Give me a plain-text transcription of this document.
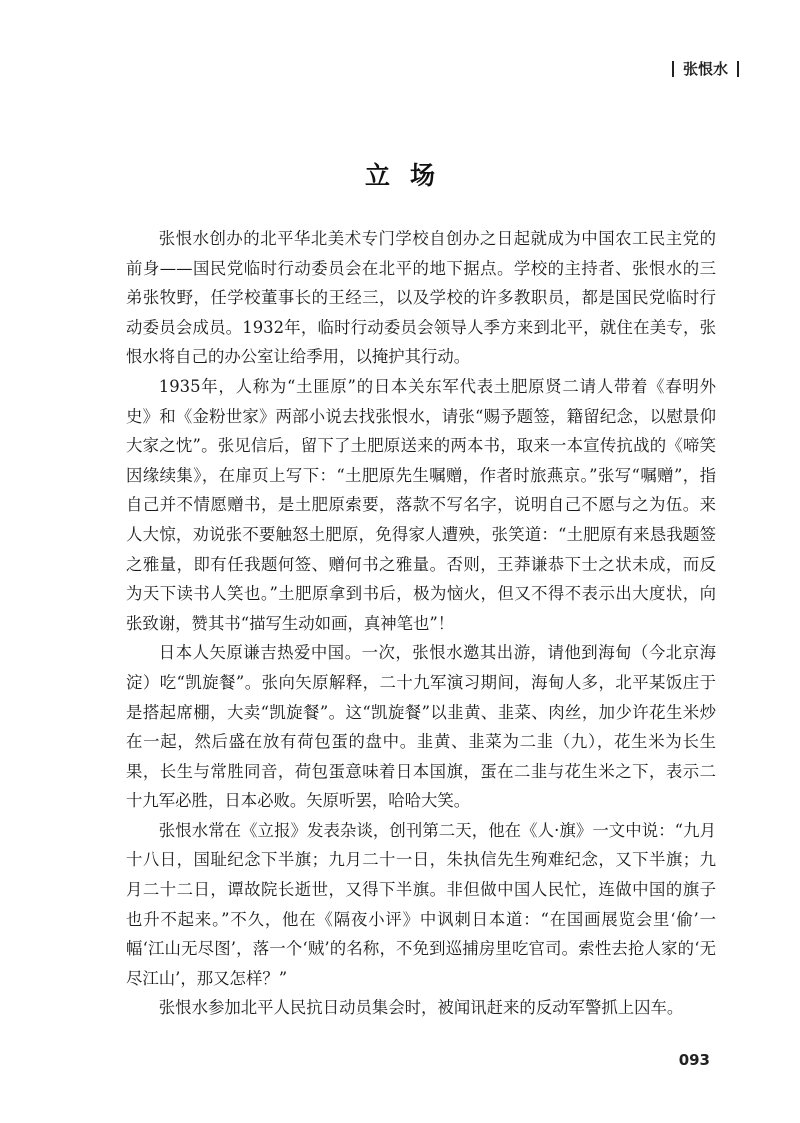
张恨水
立场

张恨水创办的北平华北美术专门学校自创办之日起就成为中国农工民主党的前身——国民党临时行动委员会在北平的地下据点。学校的主持者、张恨水的三弟张牧野，任学校董事长的王经三，以及学校的许多教职员，都是国民党临时行动委员会成员。1932年，临时行动委员会领导人季方来到北平，就住在美专，张恨水将自己的办公室让给季用，以掩护其行动。

1935年，人称为“土匪原”的日本关东军代表土肥原贤二请人带着《春明外史》和《金粉世家》两部小说去找张恨水，请张“赐予题签，籍留纪念，以慰景仰大家之忱”。张见信后，留下了土肥原送来的两本书，取来一本宣传抗战的《啼笑因缘续集》，在扉页上写下：“土肥原先生嘱赠，作者时旅燕京。”张写“嘱赠”，指自己并不情愿赠书，是土肥原索要，落款不写名字，说明自己不愿与之为伍。来人大惊，劝说张不要触怒土肥原，免得家人遭殃，张笑道：“土肥原有来恳我题签之雅量，即有任我题何签、赠何书之雅量。否则，王莽谦恭下士之状未成，而反为天下读书人笑也。”土肥原拿到书后，极为恼火，但又不得不表示出大度状，向张致谢，赞其书“描写生动如画，真神笔也”！

日本人矢原谦吉热爱中国。一次，张恨水邀其出游，请他到海甸（今北京海淀）吃“凯旋餐”。张向矢原解释，二十九军演习期间，海甸人多，北平某饭庄于是搭起席棚，大卖“凯旋餐”。这“凯旋餐”以韭黄、韭菜、肉丝，加少许花生米炒在一起，然后盛在放有荷包蛋的盘中。韭黄、韭菜为二韭（九），花生米为长生果，长生与常胜同音，荷包蛋意味着日本国旗，蛋在二韭与花生米之下，表示二十九军必胜，日本必败。矢原听罢，哈哈大笑。

张恨水常在《立报》发表杂谈，创刊第二天，他在《人·旗》一文中说：“九月十八日，国耻纪念下半旗；九月二十一日，朱执信先生殉难纪念，又下半旗；九月二十二日，谭故院长逝世，又得下半旗。非但做中国人民忙，连做中国的旗子也升不起来。”不久，他在《隔夜小评》中讽刺日本道：“在国画展览会里‘偷’一幅‘江山无尽图’，落一个‘贼’的名称，不免到巡捕房里吃官司。索性去抢人家的‘无尽江山’，那又怎样？”

张恨水参加北平人民抗日动员集会时，被闻讯赶来的反动军警抓上囚车。

093
